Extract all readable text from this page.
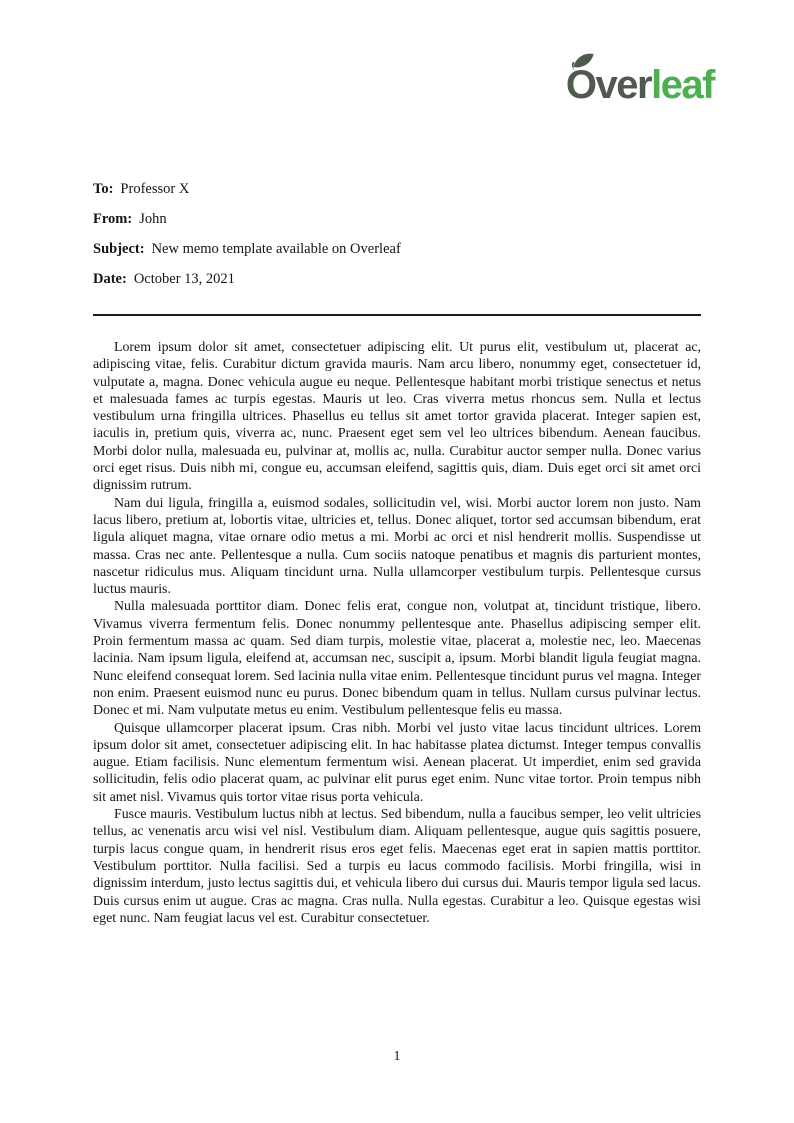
Overleaf
To: Professor X
From: John
Subject: New memo template available on Overleaf
Date: October 13, 2021

Lorem ipsum dolor sit amet, consectetuer adipiscing elit. Ut purus elit, vestibulum ut, placerat ac, adipiscing vitae, felis. Curabitur dictum gravida mauris. Nam arcu libero, nonummy eget, consectetuer id, vulputate a, magna. Donec vehicula augue eu neque. Pellentesque habitant morbi tristique senectus et netus et malesuada fames ac turpis egestas. Mauris ut leo. Cras viverra metus rhoncus sem. Nulla et lectus vestibulum urna fringilla ultrices. Phasellus eu tellus sit amet tortor gravida placerat. Integer sapien est, iaculis in, pretium quis, viverra ac, nunc. Praesent eget sem vel leo ultrices bibendum. Aenean faucibus. Morbi dolor nulla, malesuada eu, pulvinar at, mollis ac, nulla. Curabitur auctor semper nulla. Donec varius orci eget risus. Duis nibh mi, congue eu, accumsan eleifend, sagittis quis, diam. Duis eget orci sit amet orci dignissim rutrum.

Nam dui ligula, fringilla a, euismod sodales, sollicitudin vel, wisi. Morbi auctor lorem non justo. Nam lacus libero, pretium at, lobortis vitae, ultricies et, tellus. Donec aliquet, tortor sed accumsan bibendum, erat ligula aliquet magna, vitae ornare odio metus a mi. Morbi ac orci et nisl hendrerit mollis. Suspendisse ut massa. Cras nec ante. Pellentesque a nulla. Cum sociis natoque penatibus et magnis dis parturient montes, nascetur ridiculus mus. Aliquam tincidunt urna. Nulla ullamcorper vestibulum turpis. Pellentesque cursus luctus mauris.

Nulla malesuada porttitor diam. Donec felis erat, congue non, volutpat at, tincidunt tristique, libero. Vivamus viverra fermentum felis. Donec nonummy pellentesque ante. Phasellus adipiscing semper elit. Proin fermentum massa ac quam. Sed diam turpis, molestie vitae, placerat a, molestie nec, leo. Maecenas lacinia. Nam ipsum ligula, eleifend at, accumsan nec, suscipit a, ipsum. Morbi blandit ligula feugiat magna. Nunc eleifend consequat lorem. Sed lacinia nulla vitae enim. Pellentesque tincidunt purus vel magna. Integer non enim. Praesent euismod nunc eu purus. Donec bibendum quam in tellus. Nullam cursus pulvinar lectus. Donec et mi. Nam vulputate metus eu enim. Vestibulum pellentesque felis eu massa.

Quisque ullamcorper placerat ipsum. Cras nibh. Morbi vel justo vitae lacus tincidunt ultrices. Lorem ipsum dolor sit amet, consectetuer adipiscing elit. In hac habitasse platea dictumst. Integer tempus convallis augue. Etiam facilisis. Nunc elementum fermentum wisi. Aenean placerat. Ut imperdiet, enim sed gravida sollicitudin, felis odio placerat quam, ac pulvinar elit purus eget enim. Nunc vitae tortor. Proin tempus nibh sit amet nisl. Vivamus quis tortor vitae risus porta vehicula.

Fusce mauris. Vestibulum luctus nibh at lectus. Sed bibendum, nulla a faucibus semper, leo velit ultricies tellus, ac venenatis arcu wisi vel nisl. Vestibulum diam. Aliquam pellentesque, augue quis sagittis posuere, turpis lacus congue quam, in hendrerit risus eros eget felis. Maecenas eget erat in sapien mattis porttitor. Vestibulum porttitor. Nulla facilisi. Sed a turpis eu lacus commodo facilisis. Morbi fringilla, wisi in dignissim interdum, justo lectus sagittis dui, et vehicula libero dui cursus dui. Mauris tempor ligula sed lacus. Duis cursus enim ut augue. Cras ac magna. Cras nulla. Nulla egestas. Curabitur a leo. Quisque egestas wisi eget nunc. Nam feugiat lacus vel est. Curabitur consectetuer.

1
